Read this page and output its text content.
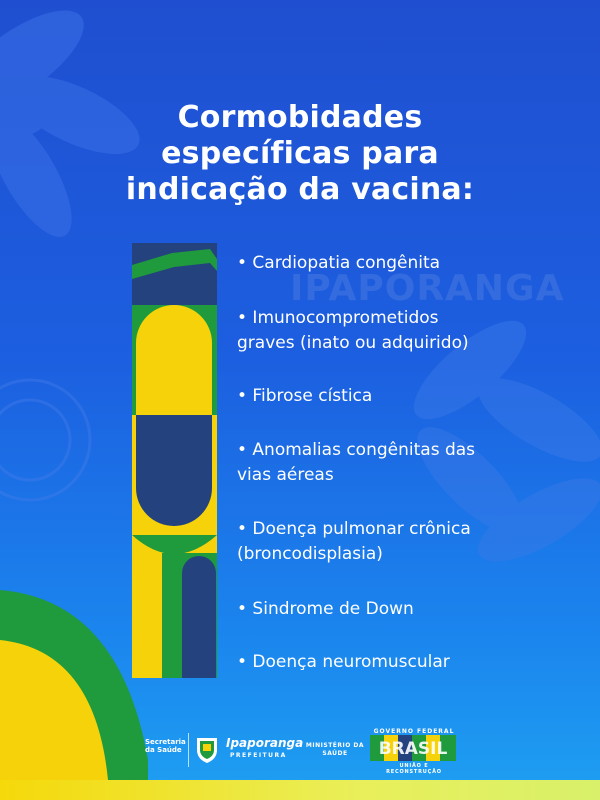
Cormobidades
específicas para
indicação da vacina:
IPAPORANGA
• Cardiopatia congênita
• Imunocomprometidos
graves (inato ou adquirido)
• Fibrose cística
• Anomalias congênitas das
vias aéreas
• Doença pulmonar crônica
(broncodisplasia)
• Sindrome de Down
• Doença neuromuscular
Secretaria da Saúde	Ipaporanga
PREFEITURA
MINISTÉRIO DA SAÚDE
GOVERNO FEDERAL
BRASIL
UNIÃO E RECONSTRUÇÃO
